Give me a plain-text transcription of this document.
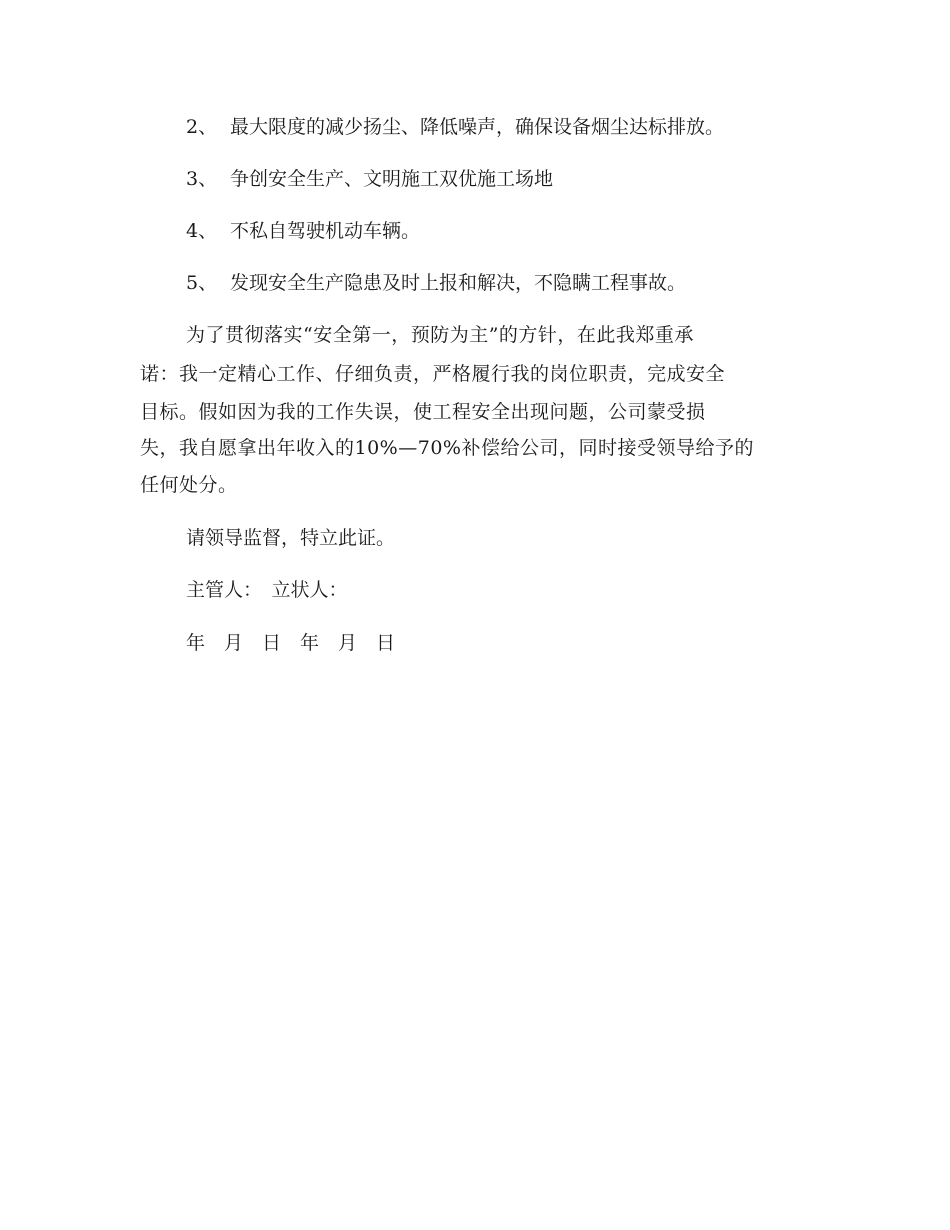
2、 最大限度的减少扬尘、降低噪声，确保设备烟尘达标排放。
3、 争创安全生产、文明施工双优施工场地
4、 不私自驾驶机动车辆。
5、 发现安全生产隐患及时上报和解决，不隐瞒工程事故。
为了贯彻落实“安全第一，预防为主”的方针，在此我郑重承
诺：我一定精心工作、仔细负责，严格履行我的岗位职责，完成安全
目标。假如因为我的工作失误，使工程安全出现问题，公司蒙受损
失，我自愿拿出年收入的10%—70%补偿给公司，同时接受领导给予的
任何处分。
请领导监督，特立此证。
主管人：　立状人：
年　月　日　年　月　日
